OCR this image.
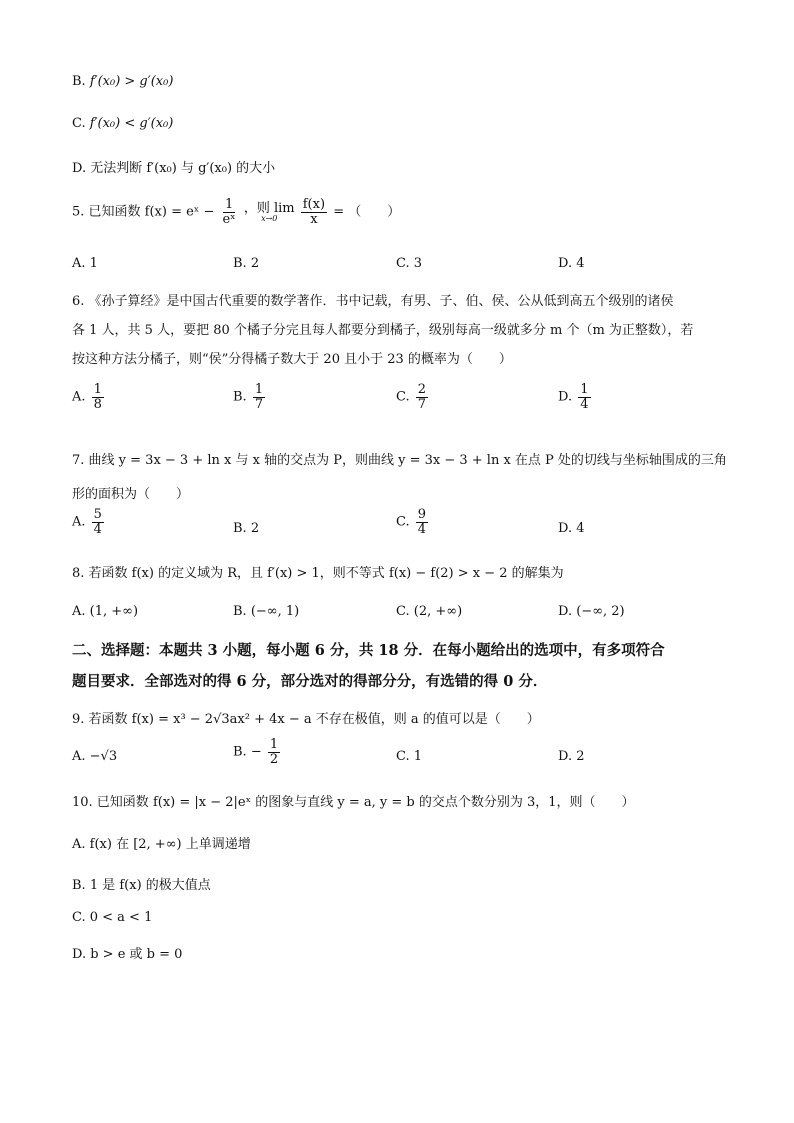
B. f′(x₀) > g′(x₀)
C. f′(x₀) < g′(x₀)
D. 无法判断 f′(x₀) 与 g′(x₀) 的大小
5. 已知函数 f(x) = eˣ − $\frac{1}{\text{eˣ}}$
，则 lim
x→0
$\frac{f(x)}{x}$ = （　　）
A. 1	B. 2	C. 3	D. 4
6. 《孙子算经》是中国古代重要的数学著作．书中记载，有男、子、伯、侯、公从低到高五个级别的诸侯
各 1 人，共 5 人，要把 80 个橘子分完且每人都要分到橘子，级别每高一级就多分 m 个（m 为正整数），若
按这种方法分橘子，则“侯”分得橘子数大于 20 且小于 23 的概率为（　　）
A. $\frac{1}{8}$	B. $\frac{1}{7}$	C. $\frac{2}{7}$	D. $\frac{1}{4}$
7. 曲线 y = 3x − 3 + ln x 与 x 轴的交点为 P，则曲线 y = 3x − 3 + ln x 在点 P 处的切线与坐标轴围成的三角
形的面积为（　　）
A. $\frac{5}{4}$	B. 2	C. $\frac{9}{4}$	D. 4
8. 若函数 f(x) 的定义域为 R，且 f′(x) > 1，则不等式 f(x) − f(2) > x − 2 的解集为
A. (1, +∞)	B. (−∞, 1)	C. (2, +∞)	D. (−∞, 2)
二、选择题：本题共 3 小题，每小题 6 分，共 18 分．在每小题给出的选项中，有多项符合
题目要求．全部选对的得 6 分，部分选对的得部分分，有选错的得 0 分．
9. 若函数 f(x) = x³ − 2√3ax² + 4x − a 不存在极值，则 a 的值可以是（　　）
A. −√3	B. − $\frac{1}{2}$	C. 1	D. 2
10. 已知函数 f(x) = |x − 2|eˣ 的图象与直线 y = a, y = b 的交点个数分别为 3，1，则（　　）
A. f(x) 在 [2, +∞) 上单调递增
B. 1 是 f(x) 的极大值点
C. 0 < a < 1
D. b > e 或 b = 0
